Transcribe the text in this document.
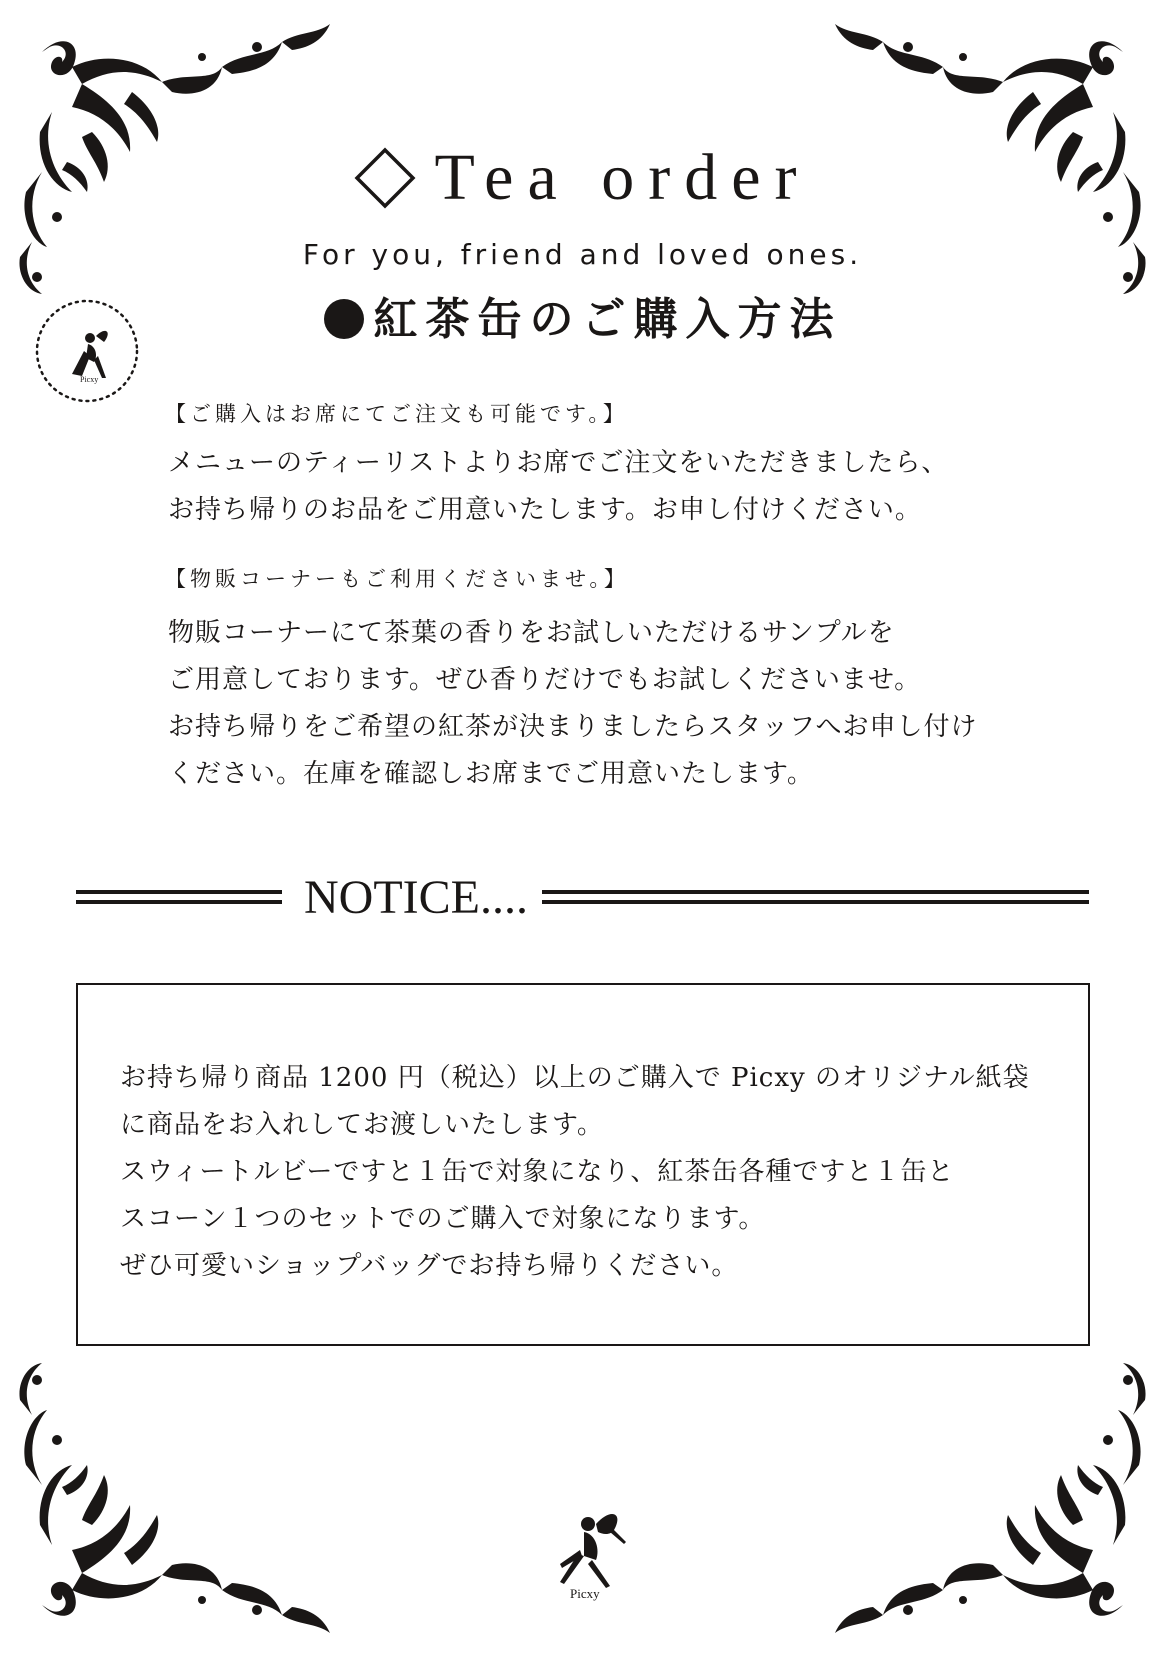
Tea order
For you, friend and loved ones.
紅茶缶のご購入方法
Picxy
【ご購入はお席にてご注文も可能です。】
メニューのティーリストよりお席でご注文をいただきましたら、
お持ち帰りのお品をご用意いたします。お申し付けください。
【物販コーナーもご利用くださいませ。】
物販コーナーにて茶葉の香りをお試しいただけるサンプルを
ご用意しております。ぜひ香りだけでもお試しくださいませ。
お持ち帰りをご希望の紅茶が決まりましたらスタッフへお申し付け
ください。在庫を確認しお席までご用意いたします。
NOTICE....
お持ち帰り商品 1200 円（税込）以上のご購入で Picxy のオリジナル紙袋
に商品をお入れしてお渡しいたします。
スウィートルビーですと１缶で対象になり、紅茶缶各種ですと１缶と
スコーン１つのセットでのご購入で対象になります。
ぜひ可愛いショップバッグでお持ち帰りください。
Picxy
